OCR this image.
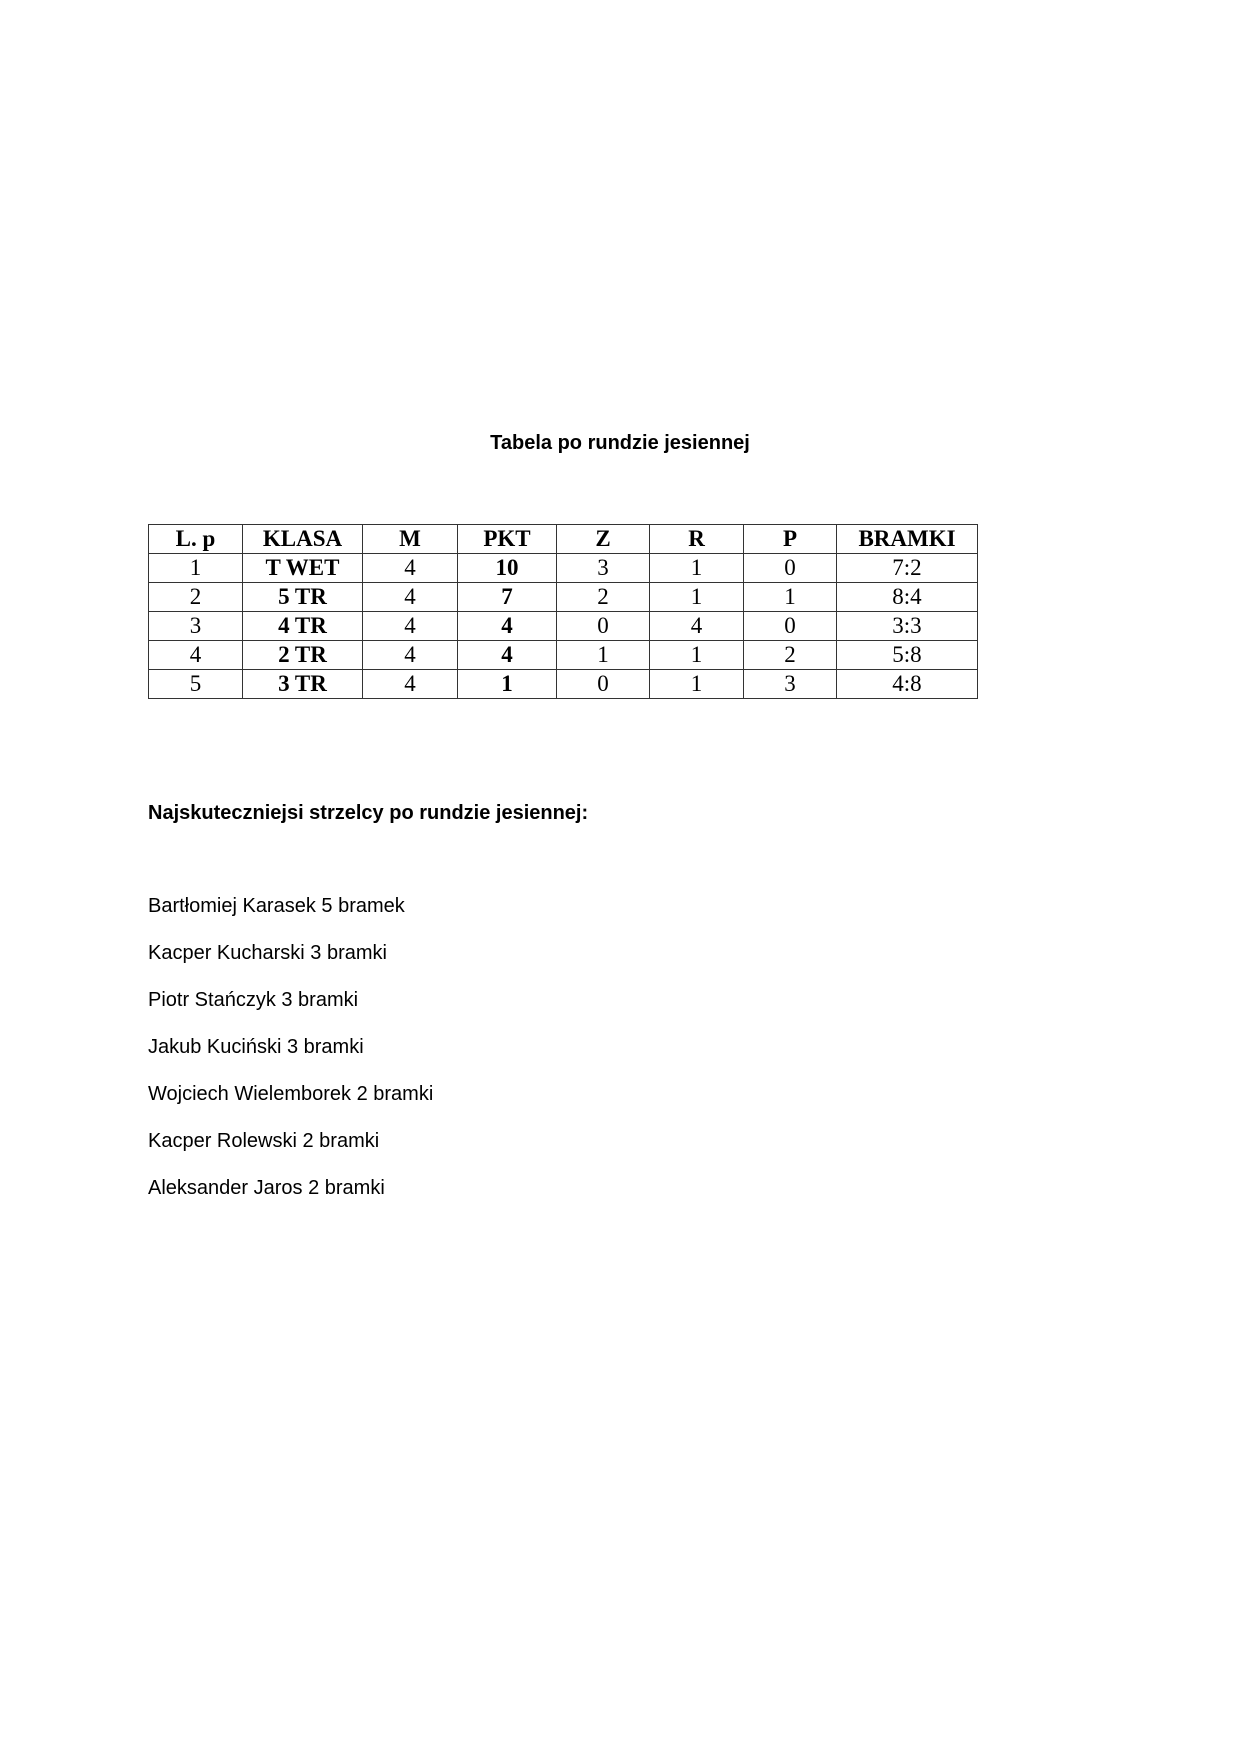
Tabela po rundzie jesiennej
L. p	KLASA	M	PKT	Z	R	P	BRAMKI
1	T WET	4	10	3	1	0	7:2
2	5 TR	4	7	2	1	1	8:4
3	4 TR	4	4	0	4	0	3:3
4	2 TR	4	4	1	1	2	5:8
5	3 TR	4	1	0	1	3	4:8
Najskuteczniejsi strzelcy po rundzie jesiennej:
Bartłomiej Karasek 5 bramek
Kacper Kucharski 3 bramki
Piotr Stańczyk 3 bramki
Jakub Kuciński 3 bramki
Wojciech Wielemborek 2 bramki
Kacper Rolewski 2 bramki
Aleksander Jaros 2 bramki
